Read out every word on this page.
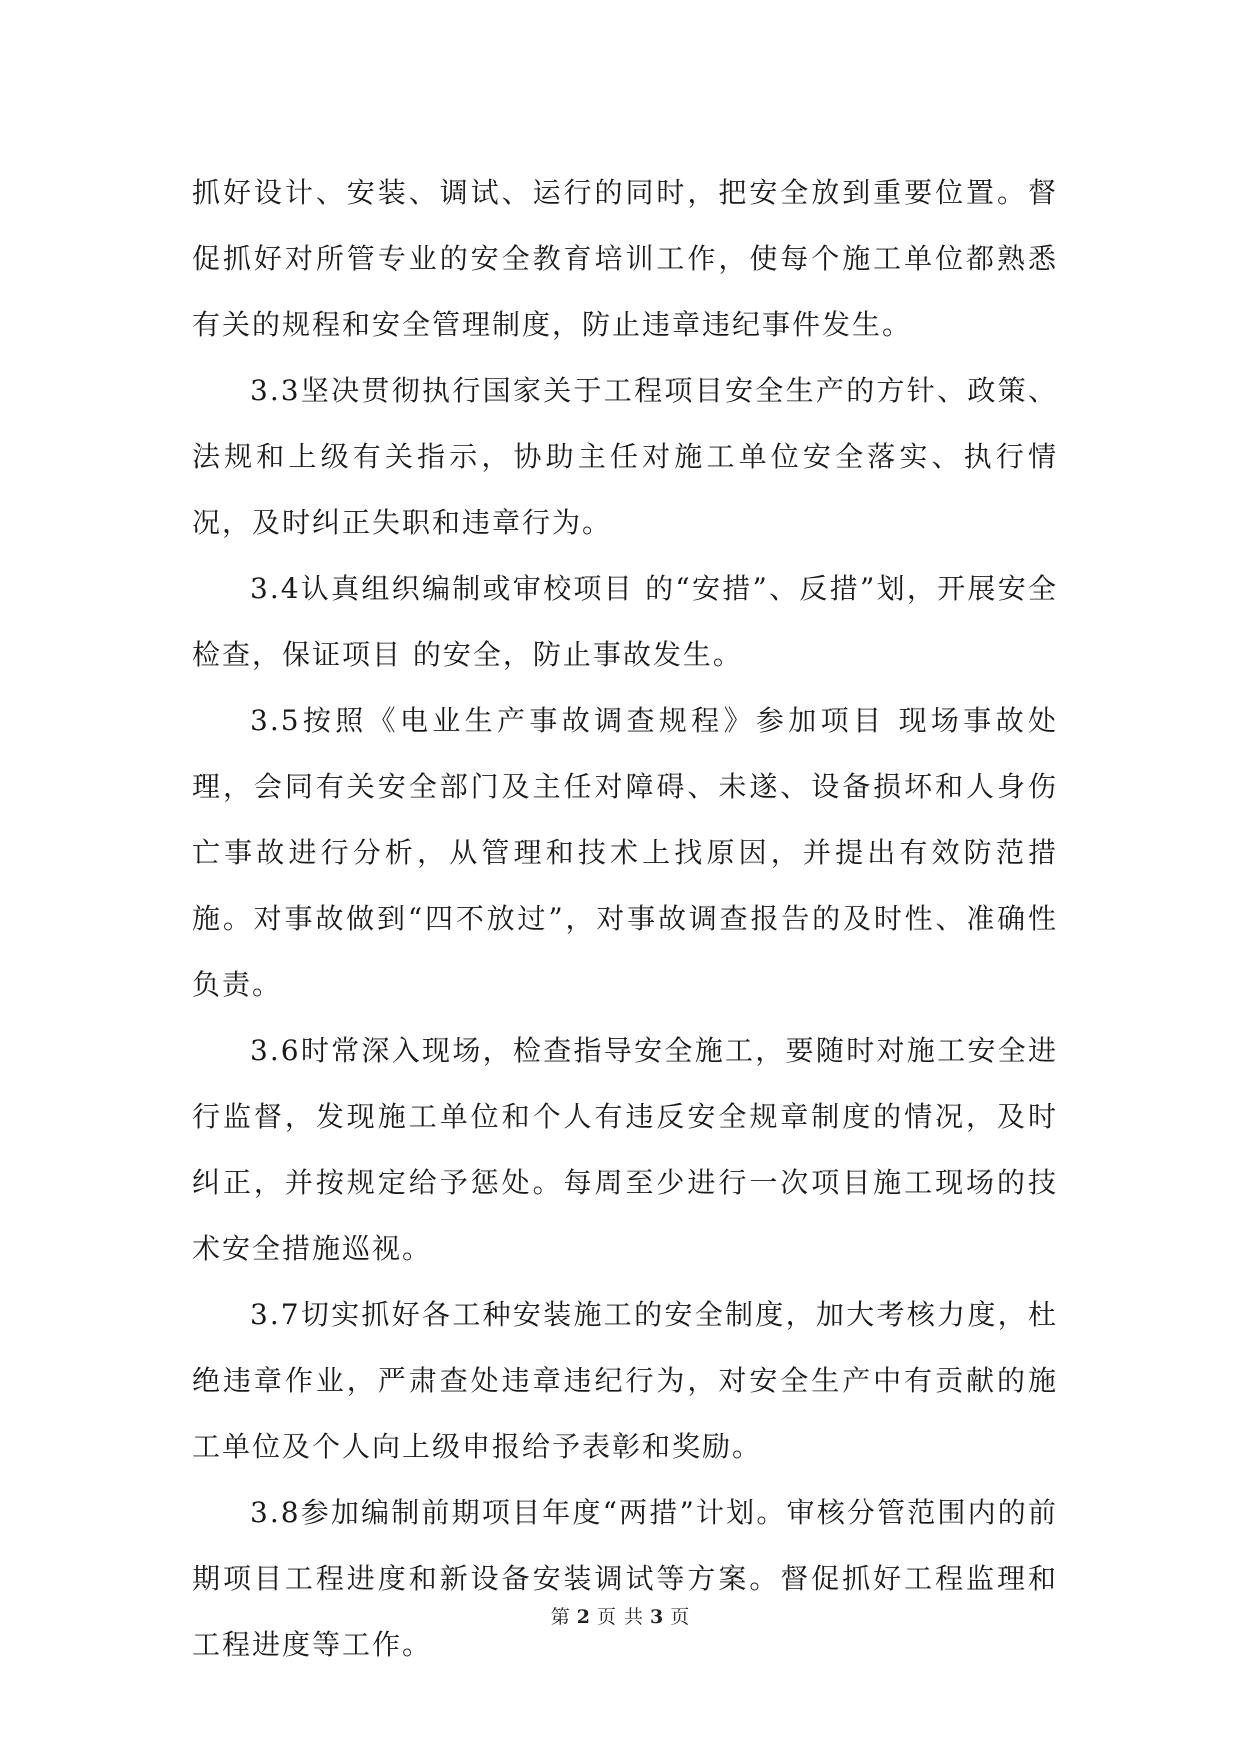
抓好设计、安装、调试、运行的同时，把安全放到重要位置。督促抓好对所管专业的安全教育培训工作，使每个施工单位都熟悉有关的规程和安全管理制度，防止违章违纪事件发生。

3.3坚决贯彻执行国家关于工程项目安全生产的方针、政策、法规和上级有关指示，协助主任对施工单位安全落实、执行情况，及时纠正失职和违章行为。

3.4认真组织编制或审校项目 的“安措”、反措”划，开展安全检查，保证项目 的安全，防止事故发生。

3.5按照《电业生产事故调查规程》参加项目 现场事故处理，会同有关安全部门及主任对障碍、未遂、设备损坏和人身伤亡事故进行分析，从管理和技术上找原因，并提出有效防范措施。对事故做到“四不放过”，对事故调查报告的及时性、准确性负责。

3.6时常深入现场，检查指导安全施工，要随时对施工安全进行监督，发现施工单位和个人有违反安全规章制度的情况，及时纠正，并按规定给予惩处。每周至少进行一次项目施工现场的技术安全措施巡视。

3.7切实抓好各工种安装施工的安全制度，加大考核力度，杜绝违章作业，严肃查处违章违纪行为，对安全生产中有贡献的施工单位及个人向上级申报给予表彰和奖励。

3.8参加编制前期项目年度“两措”计划。审核分管范围内的前期项目工程进度和新设备安装调试等方案。督促抓好工程监理和工程进度等工作。

第 2 页 共 3 页
